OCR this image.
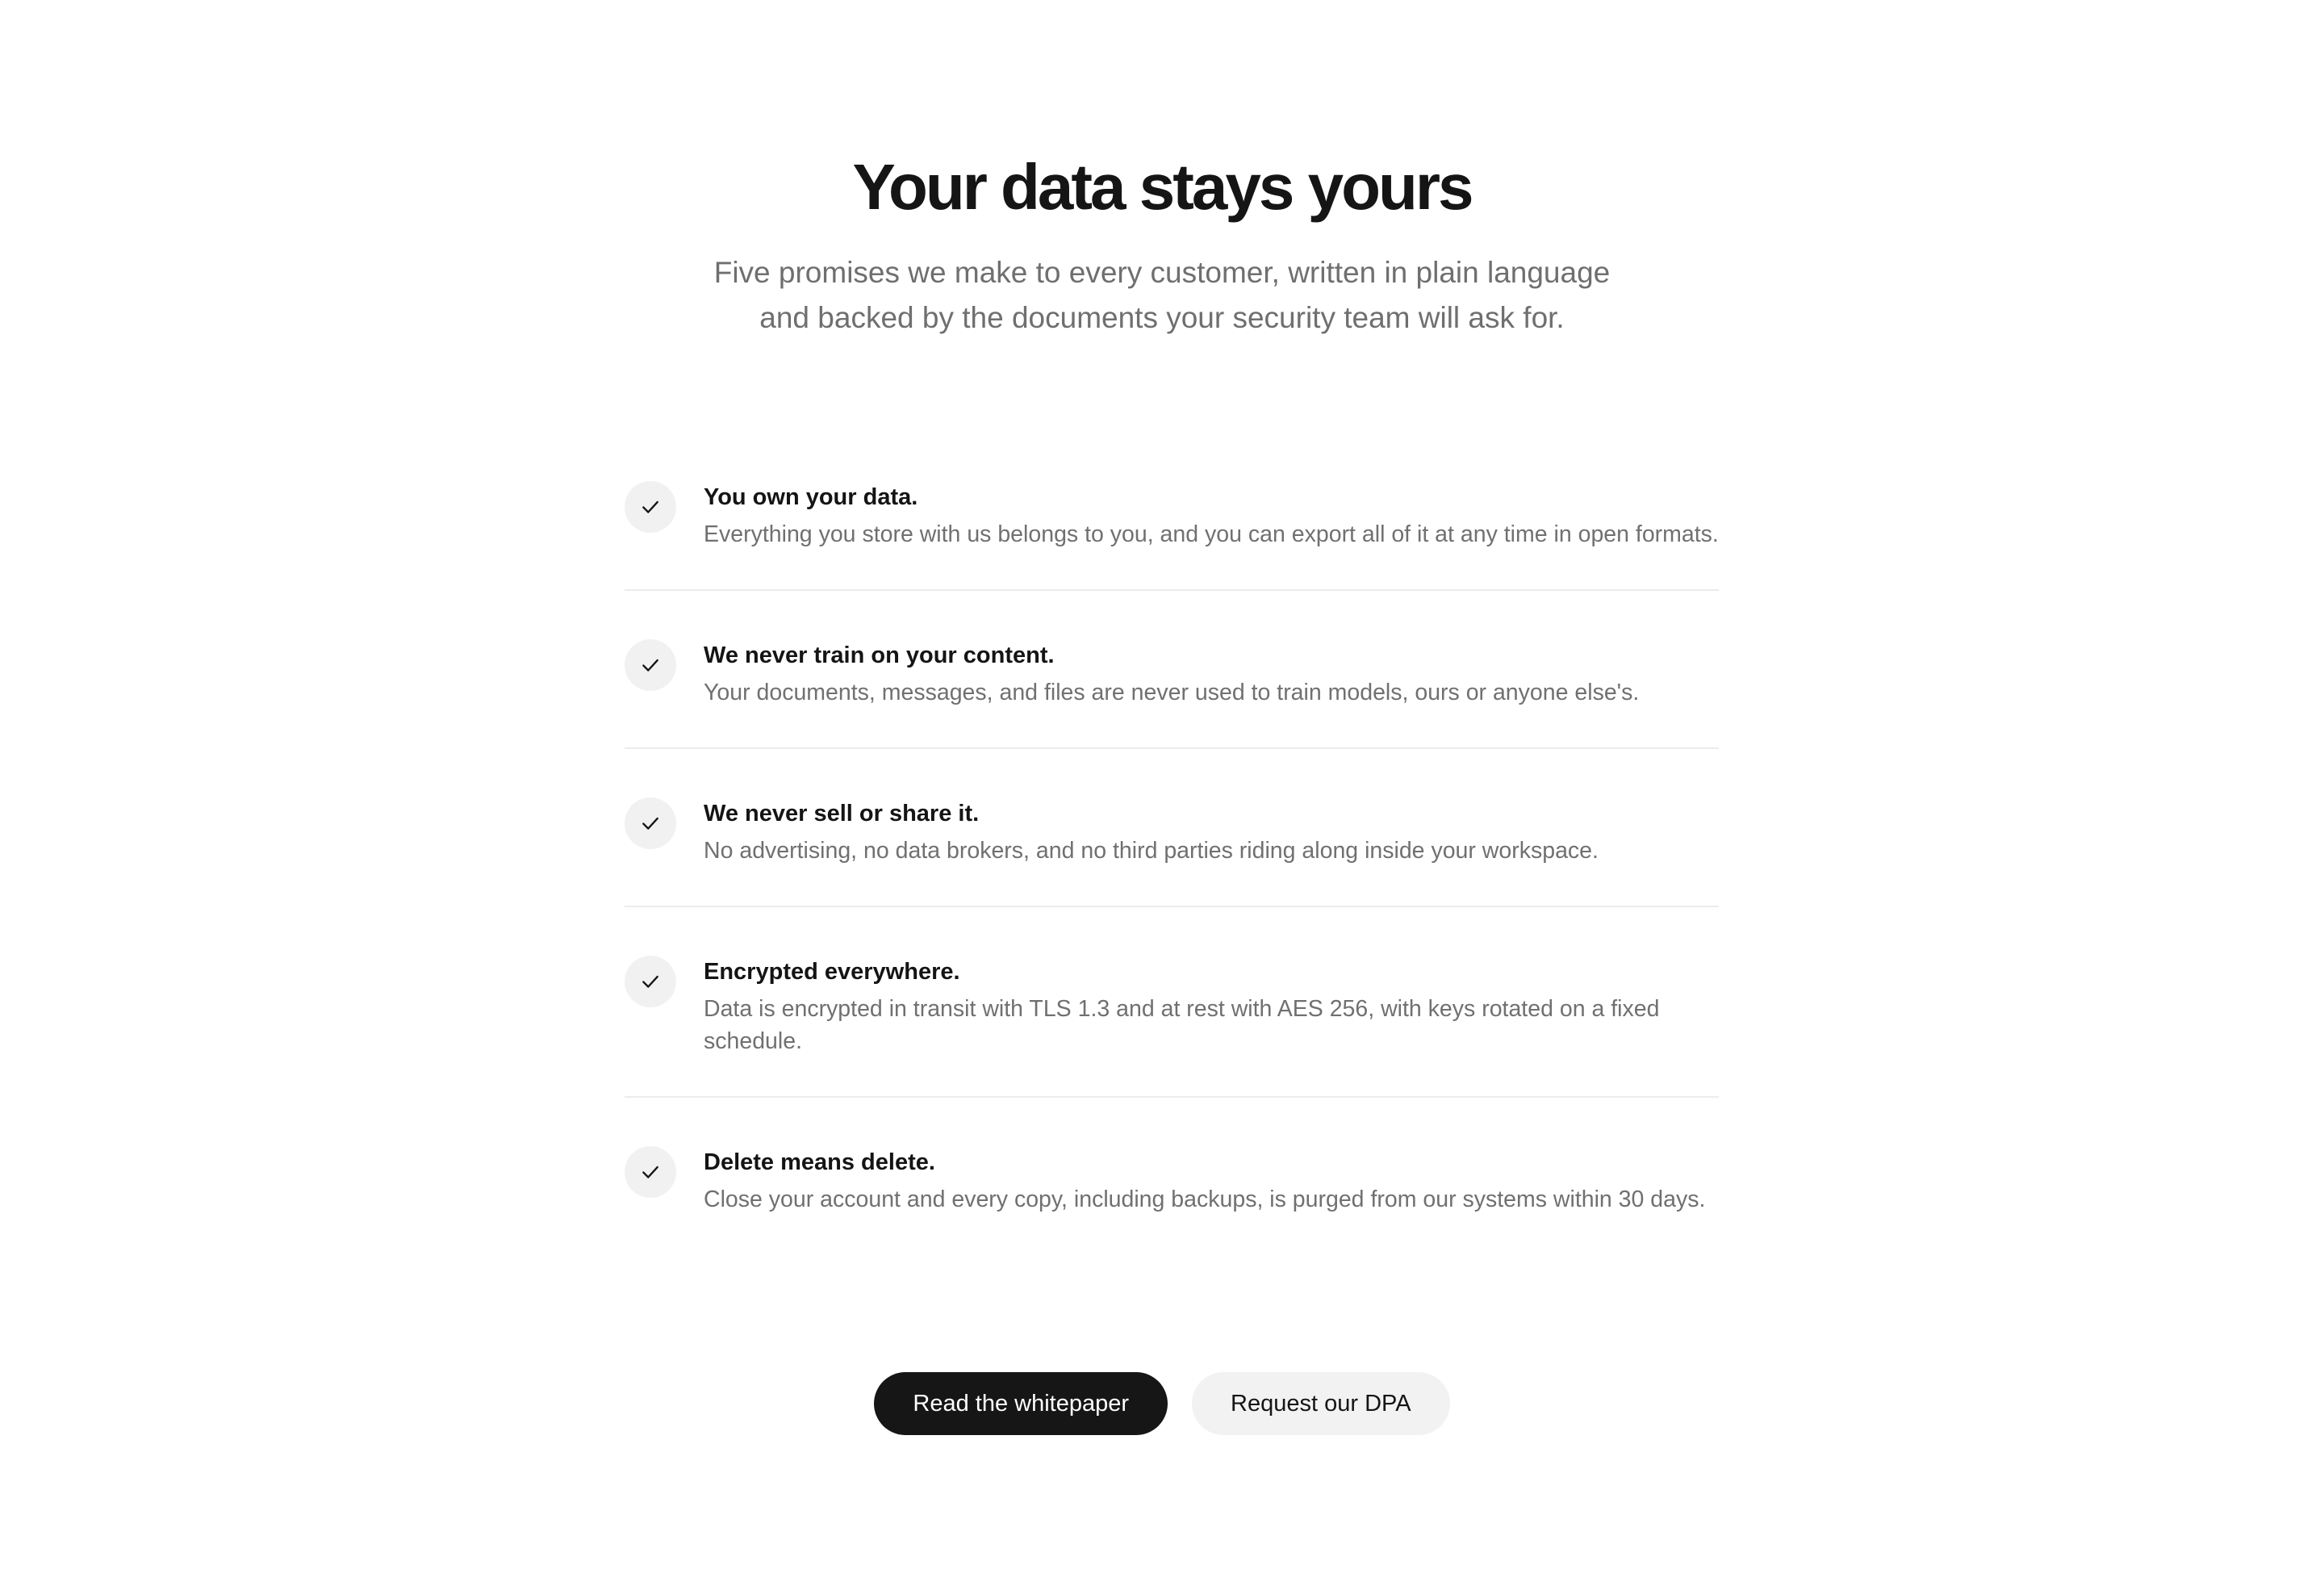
Your data stays yours

Five promises we make to every customer, written in plain language
and backed by the documents your security team will ask for.

You own your data.
Everything you store with us belongs to you, and you can export all of it at any time in open formats.
We never train on your content.
Your documents, messages, and files are never used to train models, ours or anyone else's.
We never sell or share it.
No advertising, no data brokers, and no third parties riding along inside your workspace.
Encrypted everywhere.
Data is encrypted in transit with TLS 1.3 and at rest with AES 256, with keys rotated on a fixed schedule.
Delete means delete.
Close your account and every copy, including backups, is purged from our systems within 30 days.
Read the whitepaper	Request our DPA
